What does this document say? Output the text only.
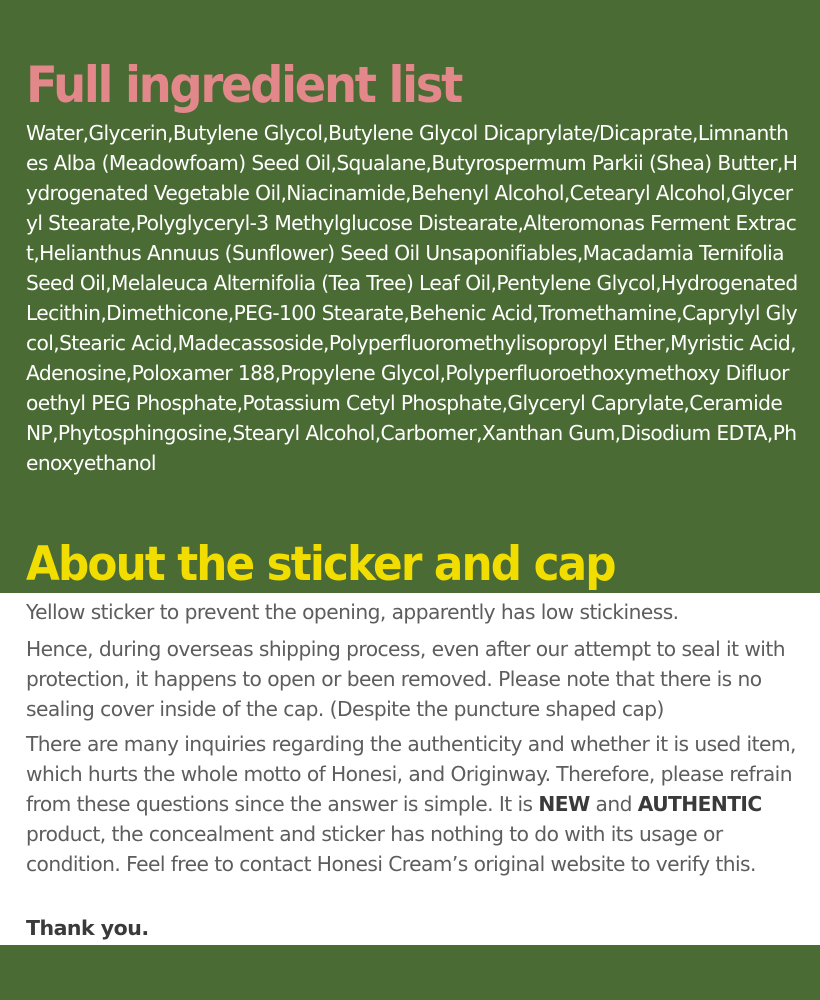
Full ingredient list

Water,Glycerin,Butylene Glycol,Butylene Glycol Dicaprylate/Dicaprate,Limnanthes Alba (Meadowfoam) Seed Oil,Squalane,Butyrospermum Parkii (Shea) Butter,Hydrogenated Vegetable Oil,Niacinamide,Behenyl Alcohol,Cetearyl Alcohol,Glyceryl Stearate,Polyglyceryl-3 Methylglucose Distearate,Alteromonas Ferment Extract,Helianthus Annuus (Sunflower) Seed Oil Unsaponifiables,Macadamia Ternifolia Seed Oil,Melaleuca Alternifolia (Tea Tree) Leaf Oil,Pentylene Glycol,Hydrogenated Lecithin,Dimethicone,PEG-100 Stearate,Behenic Acid,Tromethamine,Caprylyl Glycol,Stearic Acid,Madecassoside,Polyperfluoromethylisopropyl Ether,Myristic Acid,Adenosine,Poloxamer 188,Propylene Glycol,Polyperfluoroethoxymethoxy Difluoroethyl PEG Phosphate,Potassium Cetyl Phosphate,Glyceryl Caprylate,Ceramide NP,Phytosphingosine,Stearyl Alcohol,Carbomer,Xanthan Gum,Disodium EDTA,Phenoxyethanol

About the sticker and cap

Yellow sticker to prevent the opening, apparently has low stickiness.

Hence, during overseas shipping process, even after our attempt to seal it with protection, it happens to open or been removed. Please note that there is no sealing cover inside of the cap. (Despite the puncture shaped cap)

There are many inquiries regarding the authenticity and whether it is used item, which hurts the whole motto of Honesi, and Originway. Therefore, please refrain from these questions since the answer is simple. It is NEW and AUTHENTIC product, the concealment and sticker has nothing to do with its usage or condition. Feel free to contact Honesi Cream’s original website to verify this.

Thank you.
